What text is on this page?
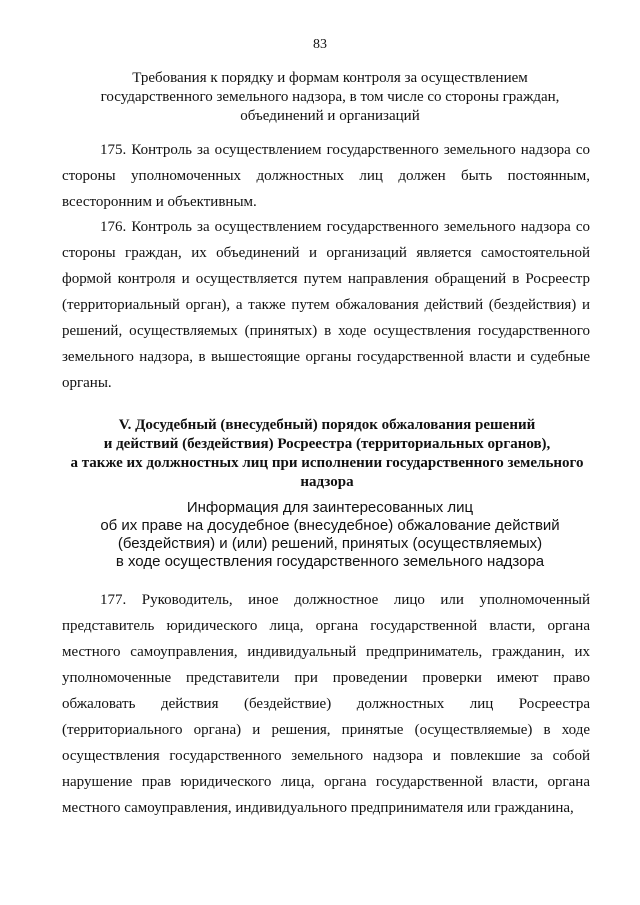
83
Требования к порядку и формам контроля за осуществлением
государственного земельного надзора, в том числе со стороны граждан,
объединений и организаций

175. Контроль за осуществлением государственного земельного надзора со стороны уполномоченных должностных лиц должен быть постоянным, всесторонним и объективным.

176. Контроль за осуществлением государственного земельного надзора со стороны граждан, их объединений и организаций является самостоятельной формой контроля и осуществляется путем направления обращений в Росреестр (территориальный орган), а также путем обжалования действий (бездействия) и решений, осуществляемых (принятых) в ходе осуществления государственного земельного надзора, в вышестоящие органы государственной власти и судебные органы.

V. Досудебный (внесудебный) порядок обжалования решений
и действий (бездействия) Росреестра (территориальных органов),
а также их должностных лиц при исполнении государственного земельного
надзора
Информация для заинтересованных лиц
об их праве на досудебное (внесудебное) обжалование действий
(бездействия) и (или) решений, принятых (осуществляемых)
в ходе осуществления государственного земельного надзора

177. Руководитель, иное должностное лицо или уполномоченный представитель юридического лица, органа государственной власти, органа местного самоуправления, индивидуальный предприниматель, гражданин, их уполномоченные представители при проведении проверки имеют право обжаловать действия (бездействие) должностных лиц Росреестра (территориального органа) и решения, принятые (осуществляемые) в ходе осуществления государственного земельного надзора и повлекшие за собой нарушение прав юридического лица, органа государственной власти, органа местного самоуправления, индивидуального предпринимателя или гражданина,
